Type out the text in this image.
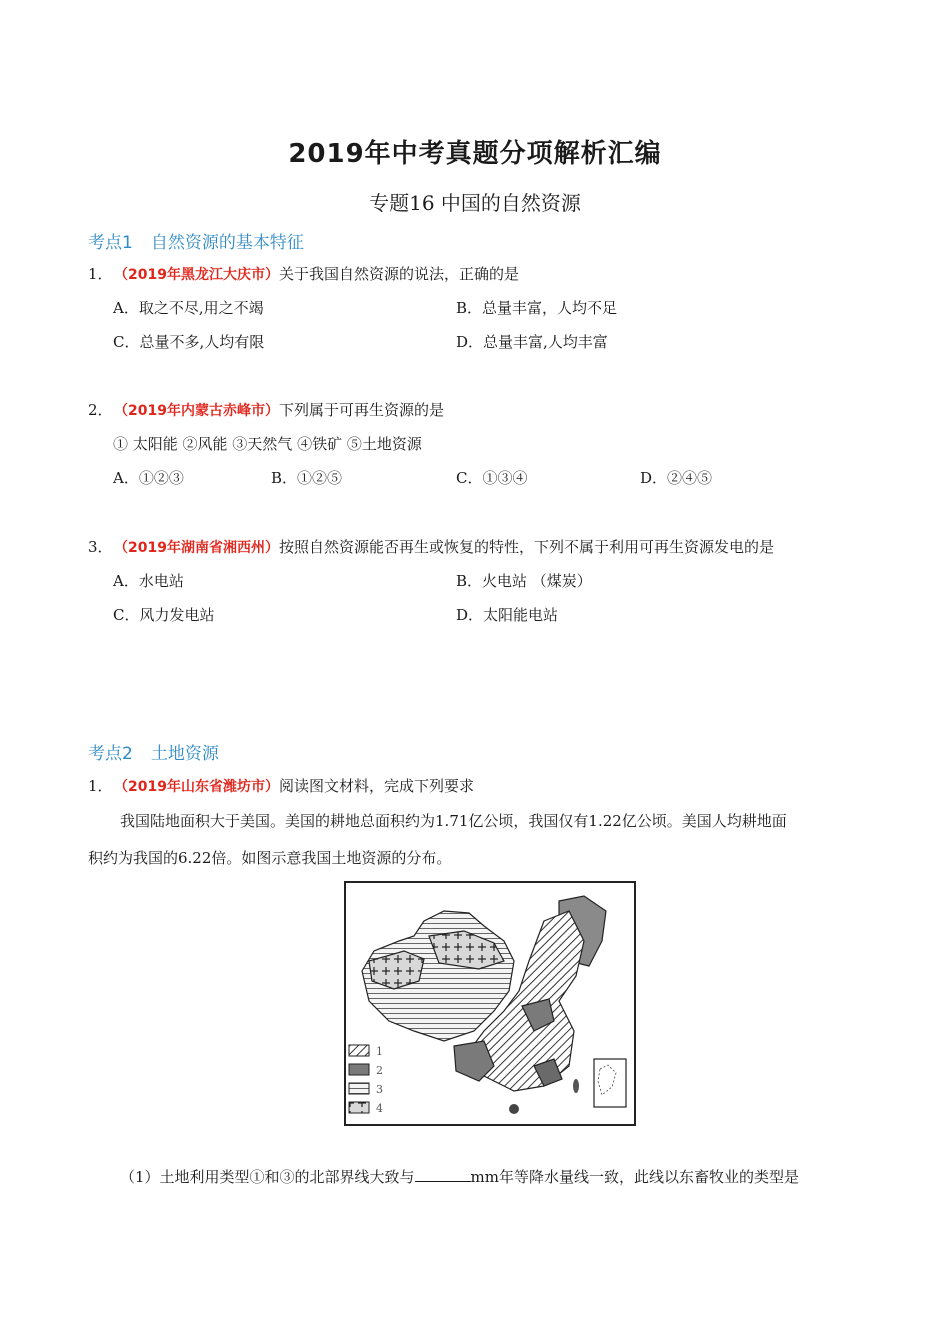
2019年中考真题分项解析汇编
专题16 中国的自然资源
考点1 自然资源的基本特征
1．（2019年黑龙江大庆市）关于我国自然资源的说法，正确的是
A．取之不尽,用之不竭	B．总量丰富，人均不足
C．总量不多,人均有限	D．总量丰富,人均丰富
2．（2019年内蒙古赤峰市）下列属于可再生资源的是
① 太阳能 ②风能 ③天然气 ④铁矿 ⑤土地资源
A．①②③	B．①②⑤	C．①③④	D．②④⑤
3．（2019年湖南省湘西州）按照自然资源能否再生或恢复的特性，下列不属于利用可再生资源发电的是
A．水电站	B．火电站 （煤炭）
C．风力发电站	D．太阳能电站
考点2 土地资源
1．（2019年山东省潍坊市）阅读图文材料，完成下列要求
我国陆地面积大于美国。美国的耕地总面积约为1.71亿公顷，我国仅有1.22亿公顷。美国人均耕地面
积约为我国的6.22倍。如图示意我国土地资源的分布。
1
2
3
4
（1）土地利用类型①和③的北部界线大致与	mm年等降水量线一致，此线以东畜牧业的类型是
